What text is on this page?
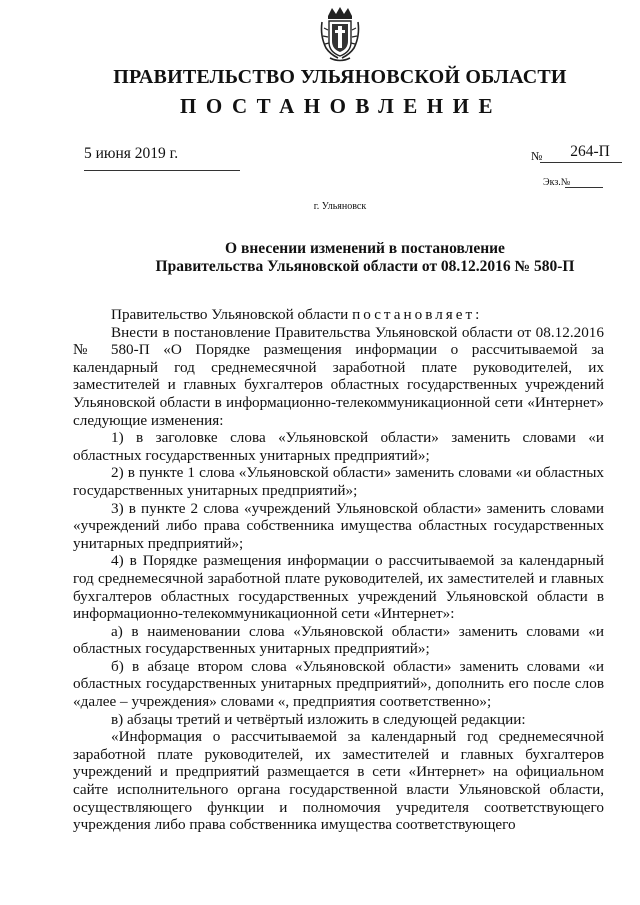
ПРАВИТЕЛЬСТВО УЛЬЯНОВСКОЙ ОБЛАСТИ
ПОСТАНОВЛЕНИЕ
5 июня 2019 г.	№	264-П
Экз.№
г. Ульяновск
О внесении изменений в постановление
Правительства Ульяновской области от 08.12.2016 № 580-П

Правительство Ульяновской области постановляет:

Внести в постановление Правительства Ульяновской области от 08.12.2016 № 580-П «О Порядке размещения информации о рассчитываемой за календарный год среднемесячной заработной плате руководителей, их заместителей и главных бухгалтеров областных государственных учреждений Ульяновской области в информационно-телекоммуникационной сети «Интернет» следующие изменения:

1) в заголовке слова «Ульяновской области» заменить словами «и областных государственных унитарных предприятий»;

2) в пункте 1 слова «Ульяновской области» заменить словами «и областных государственных унитарных предприятий»;

3) в пункте 2 слова «учреждений Ульяновской области» заменить словами «учреждений либо права собственника имущества областных государственных унитарных предприятий»;

4) в Порядке размещения информации о рассчитываемой за календарный год среднемесячной заработной плате руководителей, их заместителей и главных бухгалтеров областных государственных учреждений Ульяновской области в информационно-телекоммуникационной сети «Интернет»:

а) в наименовании слова «Ульяновской области» заменить словами «и областных государственных унитарных предприятий»;

б) в абзаце втором слова «Ульяновской области» заменить словами «и областных государственных унитарных предприятий», дополнить его после слов «далее – учреждения» словами «, предприятия соответственно»;

в) абзацы третий и четвёртый изложить в следующей редакции:

«Информация о рассчитываемой за календарный год среднемесячной заработной плате руководителей, их заместителей и главных бухгалтеров учреждений и предприятий размещается в сети «Интернет» на официальном сайте исполнительного органа государственной власти Ульяновской области, осуществляющего функции и полномочия учредителя соответствующего учреждения либо права собственника имущества соответствующего
